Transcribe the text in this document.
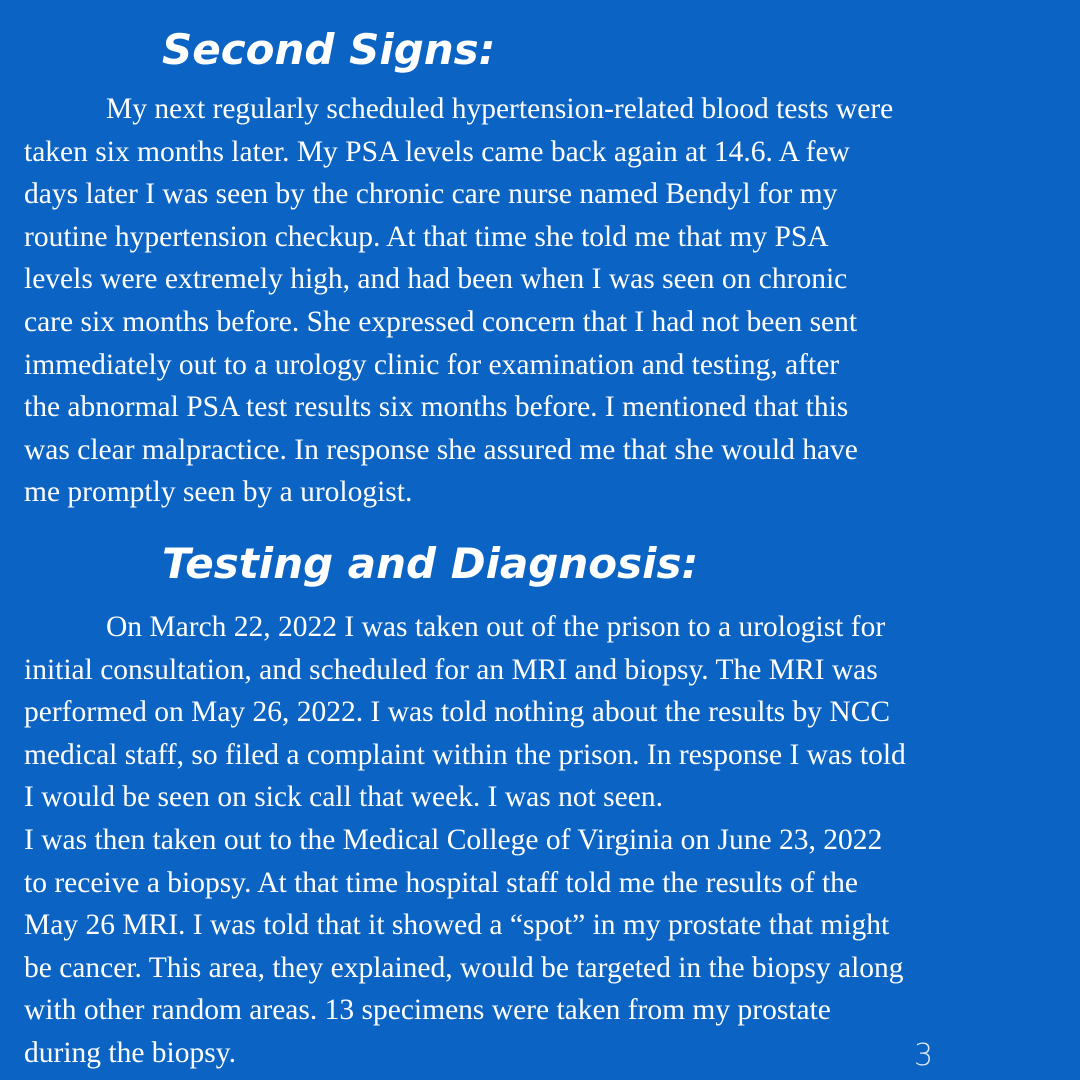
Second Signs:

My next regularly scheduled hypertension-related blood tests were
taken six months later. My PSA levels came back again at 14.6. A few
days later I was seen by the chronic care nurse named Bendyl for my
routine hypertension checkup. At that time she told me that my PSA
levels were extremely high, and had been when I was seen on chronic
care six months before. She expressed concern that I had not been sent
immediately out to a urology clinic for examination and testing, after
the abnormal PSA test results six months before. I mentioned that this
was clear malpractice. In response she assured me that she would have
me promptly seen by a urologist.

Testing and Diagnosis:

On March 22, 2022 I was taken out of the prison to a urologist for
initial consultation, and scheduled for an MRI and biopsy. The MRI was
performed on May 26, 2022. I was told nothing about the results by NCC
medical staff, so filed a complaint within the prison. In response I was told
I would be seen on sick call that week. I was not seen.
I was then taken out to the Medical College of Virginia on June 23, 2022
to receive a biopsy. At that time hospital staff told me the results of the
May 26 MRI. I was told that it showed a “spot” in my prostate that might
be cancer. This area, they explained, would be targeted in the biopsy along
with other random areas. 13 specimens were taken from my prostate
during the biopsy.	3
